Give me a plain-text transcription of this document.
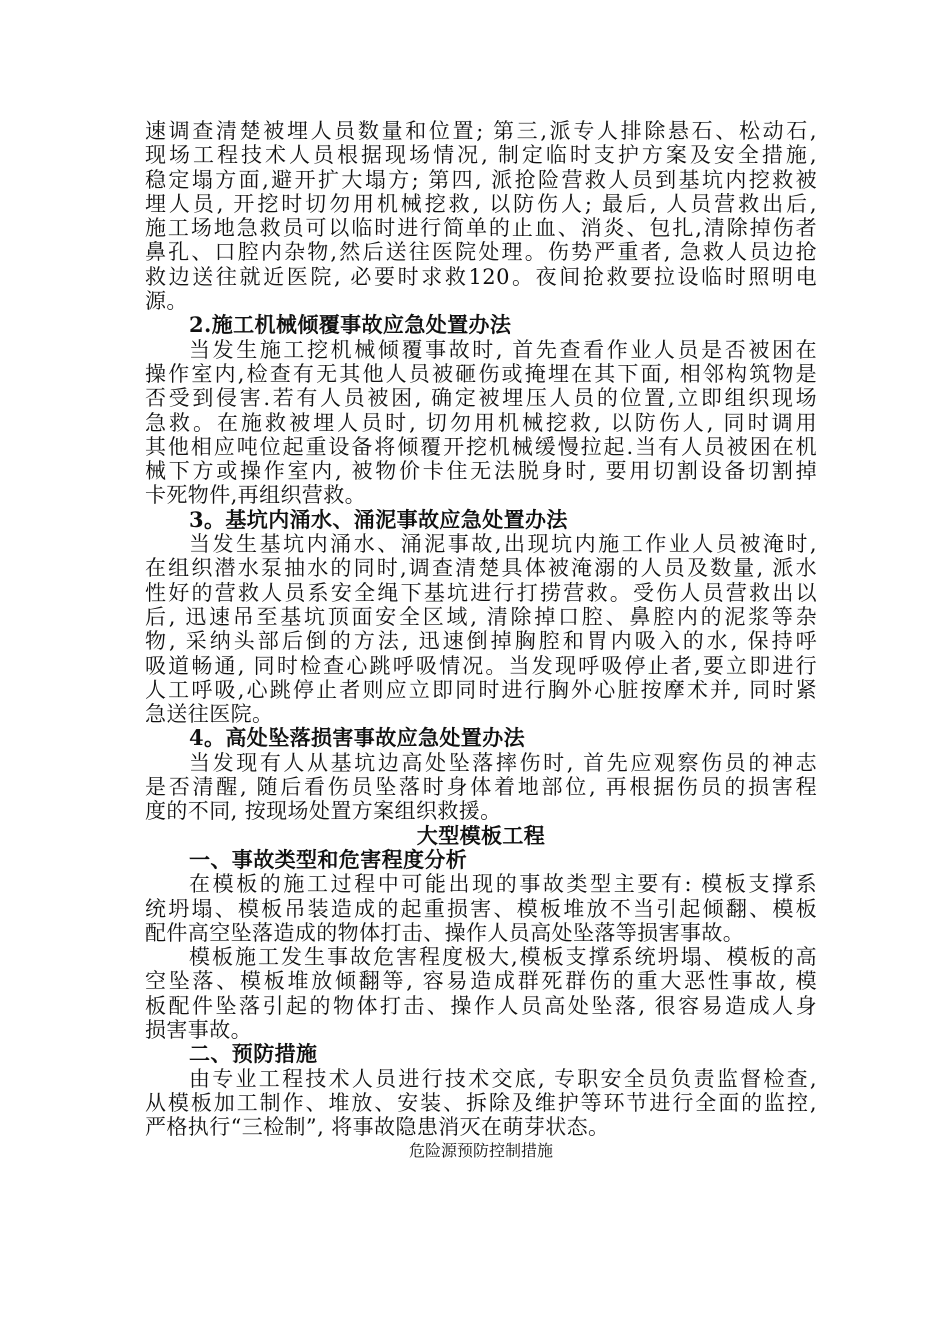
速调查清楚被埋人员数量和位置; 第三,派专人排除悬石、松动石,
现场工程技术人员根据现场情况, 制定临时支护方案及安全措施,
稳定塌方面,避开扩大塌方; 第四, 派抢险营救人员到基坑内挖救被
埋人员, 开挖时切勿用机械挖救, 以防伤人; 最后, 人员营救出后,
施工场地急救员可以临时进行简单的止血、消炎、包扎,清除掉伤者
鼻孔、口腔内杂物,然后送往医院处理。伤势严重者, 急救人员边抢
救边送往就近医院, 必要时求救120。夜间抢救要拉设临时照明电
源。
2.施工机械倾覆事故应急处置办法
当发生施工挖机械倾覆事故时, 首先查看作业人员是否被困在
操作室内,检查有无其他人员被砸伤或掩埋在其下面, 相邻构筑物是
否受到侵害.若有人员被困, 确定被埋压人员的位置,立即组织现场
急救。在施救被埋人员时, 切勿用机械挖救, 以防伤人, 同时调用
其他相应吨位起重设备将倾覆开挖机械缓慢拉起.当有人员被困在机
械下方或操作室内, 被物价卡住无法脱身时, 要用切割设备切割掉
卡死物件,再组织营救。
3。基坑内涌水、涌泥事故应急处置办法
当发生基坑内涌水、涌泥事故,出现坑内施工作业人员被淹时,
在组织潜水泵抽水的同时,调查清楚具体被淹溺的人员及数量, 派水
性好的营救人员系安全绳下基坑进行打捞营救。受伤人员营救出以
后, 迅速吊至基坑顶面安全区域, 清除掉口腔、鼻腔内的泥浆等杂
物, 采纳头部后倒的方法, 迅速倒掉胸腔和胃内吸入的水, 保持呼
吸道畅通, 同时检查心跳呼吸情况。当发现呼吸停止者,要立即进行
人工呼吸,心跳停止者则应立即同时进行胸外心脏按摩术并, 同时紧
急送往医院。
4。高处坠落损害事故应急处置办法
当发现有人从基坑边高处坠落摔伤时, 首先应观察伤员的神志
是否清醒, 随后看伤员坠落时身体着地部位, 再根据伤员的损害程
度的不同, 按现场处置方案组织救援。
大型模板工程
一、事故类型和危害程度分析
在模板的施工过程中可能出现的事故类型主要有: 模板支撑系
统坍塌、模板吊装造成的起重损害、模板堆放不当引起倾翻、模板
配件高空坠落造成的物体打击、操作人员高处坠落等损害事故。
模板施工发生事故危害程度极大,模板支撑系统坍塌、模板的高
空坠落、模板堆放倾翻等, 容易造成群死群伤的重大恶性事故, 模
板配件坠落引起的物体打击、操作人员高处坠落, 很容易造成人身
损害事故。
二、预防措施
由专业工程技术人员进行技术交底, 专职安全员负责监督检查,
从模板加工制作、堆放、安装、拆除及维护等环节进行全面的监控,
严格执行“三检制”, 将事故隐患消灭在萌芽状态。
危险源预防控制措施
